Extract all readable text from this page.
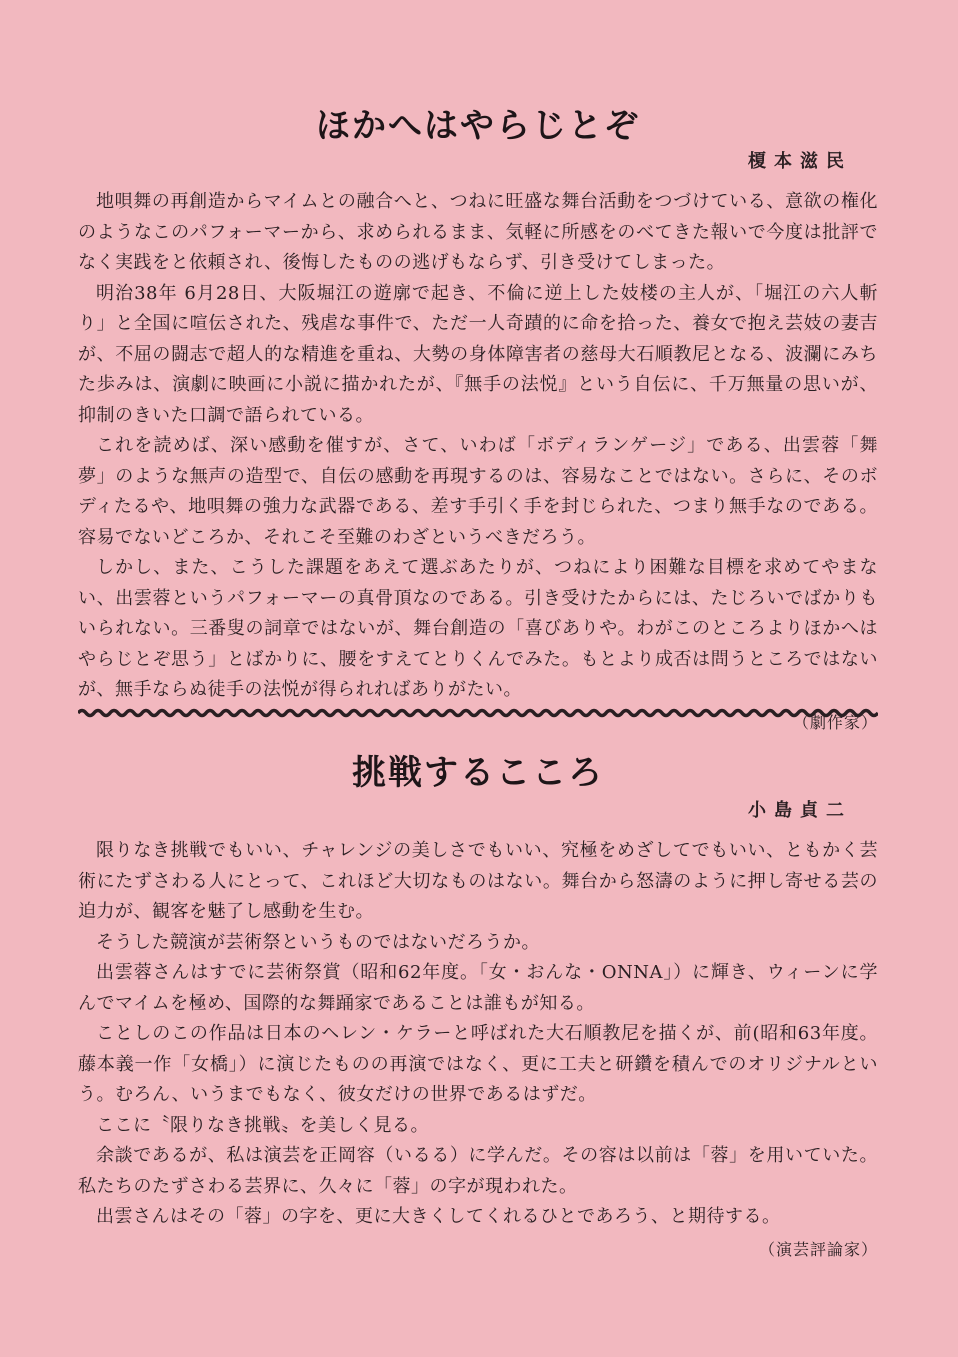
ほかへはやらじとぞ

榎本滋民

地唄舞の再創造からマイムとの融合へと、つねに旺盛な舞台活動をつづけている、意欲の権化のようなこのパフォーマーから、求められるまま、気軽に所感をのべてきた報いで今度は批評でなく実践をと依頼され、後悔したものの逃げもならず、引き受けてしまった。

明治38年 6月28日、大阪堀江の遊廓で起き、不倫に逆上した妓楼の主人が、「堀江の六人斬り」と全国に喧伝された、残虐な事件で、ただ一人奇蹟的に命を拾った、養女で抱え芸妓の妻吉が、不屈の闘志で超人的な精進を重ね、大勢の身体障害者の慈母大石順教尼となる、波瀾にみちた歩みは、演劇に映画に小説に描かれたが、『無手の法悦』という自伝に、千万無量の思いが、抑制のきいた口調で語られている。

これを読めば、深い感動を催すが、さて、いわば「ボディランゲージ」である、出雲蓉「舞夢」のような無声の造型で、自伝の感動を再現するのは、容易なことではない。さらに、そのボディたるや、地唄舞の強力な武器である、差す手引く手を封じられた、つまり無手なのである。容易でないどころか、それこそ至難のわざというべきだろう。

しかし、また、こうした課題をあえて選ぶあたりが、つねにより困難な目標を求めてやまない、出雲蓉というパフォーマーの真骨頂なのである。引き受けたからには、たじろいでばかりもいられない。三番叟の詞章ではないが、舞台創造の「喜びありや。わがこのところよりほかへはやらじとぞ思う」とばかりに、腰をすえてとりくんでみた。もとより成否は問うところではないが、無手ならぬ徒手の法悦が得られればありがたい。

（劇作家）

挑戦するこころ

小島貞二

限りなき挑戦でもいい、チャレンジの美しさでもいい、究極をめざしてでもいい、ともかく芸術にたずさわる人にとって、これほど大切なものはない。舞台から怒濤のように押し寄せる芸の迫力が、観客を魅了し感動を生む。

そうした競演が芸術祭というものではないだろうか。

出雲蓉さんはすでに芸術祭賞（昭和62年度。「女・おんな・ONNA」）に輝き、ウィーンに学んでマイムを極め、国際的な舞踊家であることは誰もが知る。

ことしのこの作品は日本のヘレン・ケラーと呼ばれた大石順教尼を描くが、前(昭和63年度。藤本義一作「女橋」）に演じたものの再演ではなく、更に工夫と研鑽を積んでのオリジナルという。むろん、いうまでもなく、彼女だけの世界であるはずだ。

ここに〝限りなき挑戦〟を美しく見る。

余談であるが、私は演芸を正岡容（いるる）に学んだ。その容は以前は「蓉」を用いていた。私たちのたずさわる芸界に、久々に「蓉」の字が現われた。

出雲さんはその「蓉」の字を、更に大きくしてくれるひとであろう、と期待する。

（演芸評論家）
